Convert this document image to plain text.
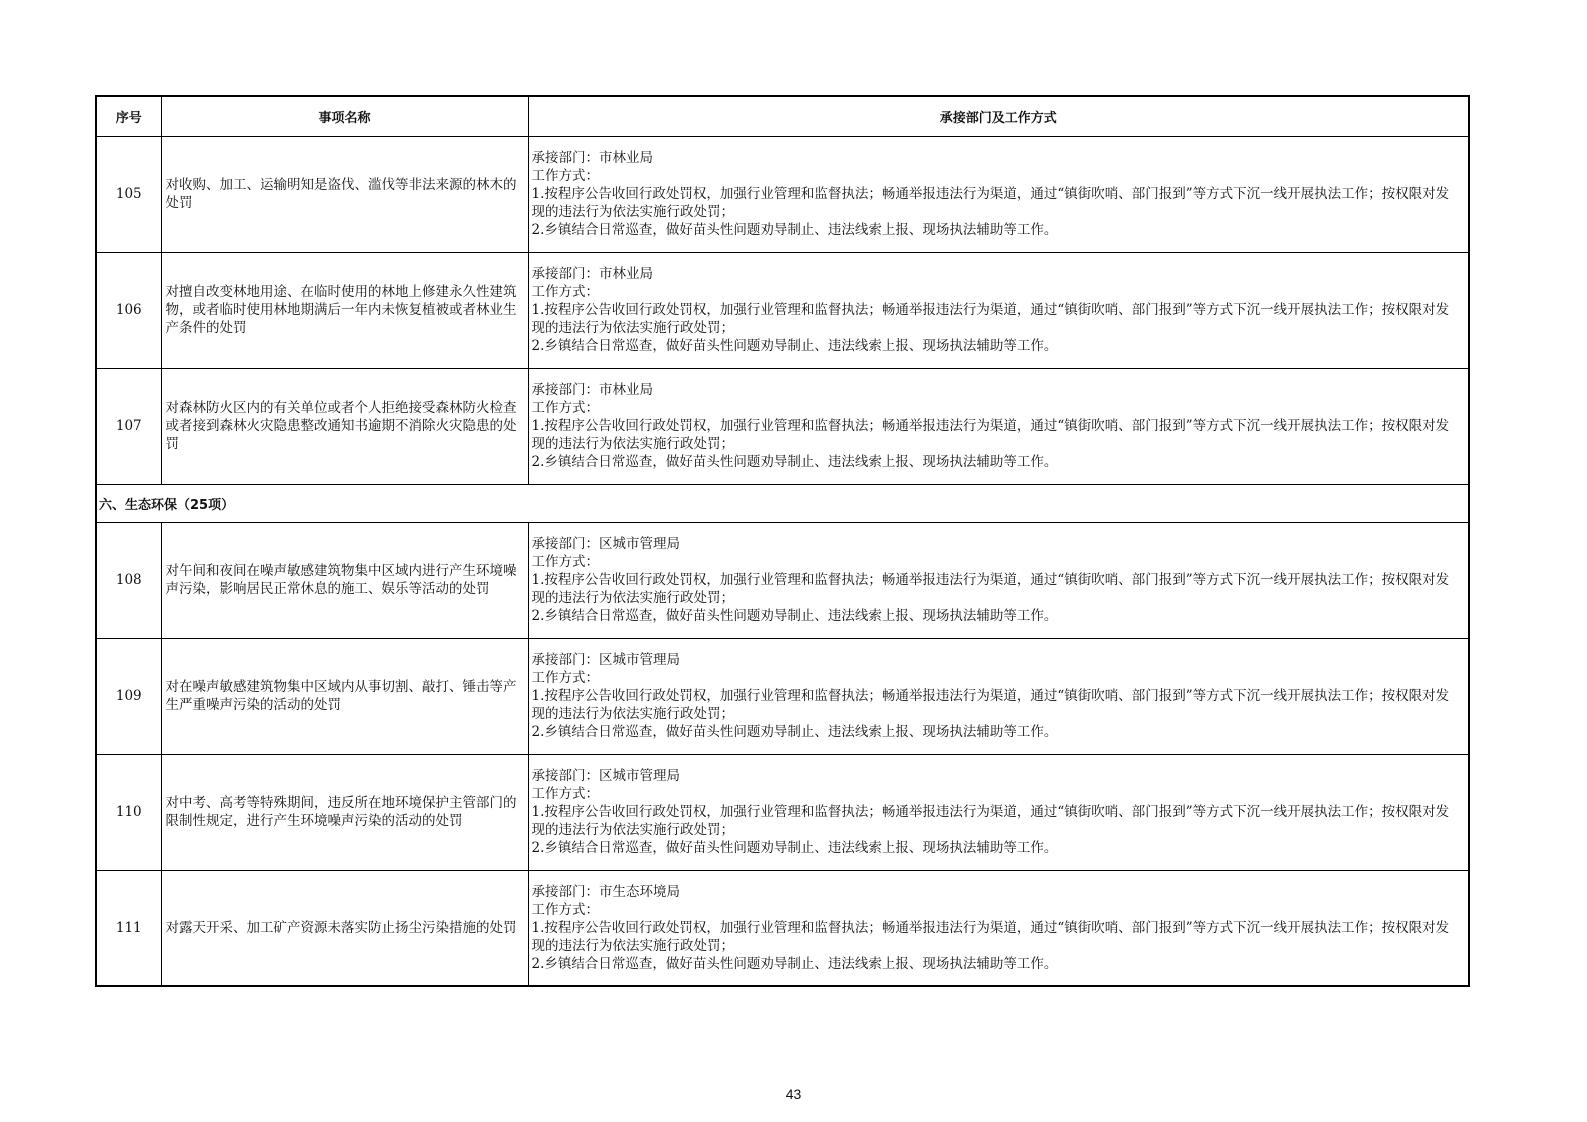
序号	事项名称	承接部门及工作方式
105	对收购、加工、运输明知是盗伐、滥伐等非法来源的林木的处罚	承接部门：市林业局
工作方式：
1.按程序公告收回行政处罚权，加强行业管理和监督执法；畅通举报违法行为渠道，通过“镇街吹哨、部门报到”等方式下沉一线开展执法工作；按权限对发现的违法行为依法实施行政处罚；
2.乡镇结合日常巡查，做好苗头性问题劝导制止、违法线索上报、现场执法辅助等工作。

106	对擅自改变林地用途、在临时使用的林地上修建永久性建筑物，或者临时使用林地期满后一年内未恢复植被或者林业生产条件的处罚	承接部门：市林业局
工作方式：
1.按程序公告收回行政处罚权，加强行业管理和监督执法；畅通举报违法行为渠道，通过“镇街吹哨、部门报到”等方式下沉一线开展执法工作；按权限对发现的违法行为依法实施行政处罚；
2.乡镇结合日常巡查，做好苗头性问题劝导制止、违法线索上报、现场执法辅助等工作。

107	对森林防火区内的有关单位或者个人拒绝接受森林防火检查或者接到森林火灾隐患整改通知书逾期不消除火灾隐患的处罚	承接部门：市林业局
工作方式：
1.按程序公告收回行政处罚权，加强行业管理和监督执法；畅通举报违法行为渠道，通过“镇街吹哨、部门报到”等方式下沉一线开展执法工作；按权限对发现的违法行为依法实施行政处罚；
2.乡镇结合日常巡查，做好苗头性问题劝导制止、违法线索上报、现场执法辅助等工作。

六、生态环保（25项）		
108	对午间和夜间在噪声敏感建筑物集中区域内进行产生环境噪声污染，影响居民正常休息的施工、娱乐等活动的处罚	承接部门：区城市管理局
工作方式：
1.按程序公告收回行政处罚权，加强行业管理和监督执法；畅通举报违法行为渠道，通过“镇街吹哨、部门报到”等方式下沉一线开展执法工作；按权限对发现的违法行为依法实施行政处罚；
2.乡镇结合日常巡查，做好苗头性问题劝导制止、违法线索上报、现场执法辅助等工作。

109	对在噪声敏感建筑物集中区域内从事切割、敲打、锤击等产生严重噪声污染的活动的处罚	承接部门：区城市管理局
工作方式：
1.按程序公告收回行政处罚权，加强行业管理和监督执法；畅通举报违法行为渠道，通过“镇街吹哨、部门报到”等方式下沉一线开展执法工作；按权限对发现的违法行为依法实施行政处罚；
2.乡镇结合日常巡查，做好苗头性问题劝导制止、违法线索上报、现场执法辅助等工作。

110	对中考、高考等特殊期间，违反所在地环境保护主管部门的限制性规定，进行产生环境噪声污染的活动的处罚	承接部门：区城市管理局
工作方式：
1.按程序公告收回行政处罚权，加强行业管理和监督执法；畅通举报违法行为渠道，通过“镇街吹哨、部门报到”等方式下沉一线开展执法工作；按权限对发现的违法行为依法实施行政处罚；
2.乡镇结合日常巡查，做好苗头性问题劝导制止、违法线索上报、现场执法辅助等工作。

111	对露天开采、加工矿产资源未落实防止扬尘污染措施的处罚	承接部门：市生态环境局
工作方式：
1.按程序公告收回行政处罚权，加强行业管理和监督执法；畅通举报违法行为渠道，通过“镇街吹哨、部门报到”等方式下沉一线开展执法工作；按权限对发现的违法行为依法实施行政处罚；
2.乡镇结合日常巡查，做好苗头性问题劝导制止、违法线索上报、现场执法辅助等工作。
43
